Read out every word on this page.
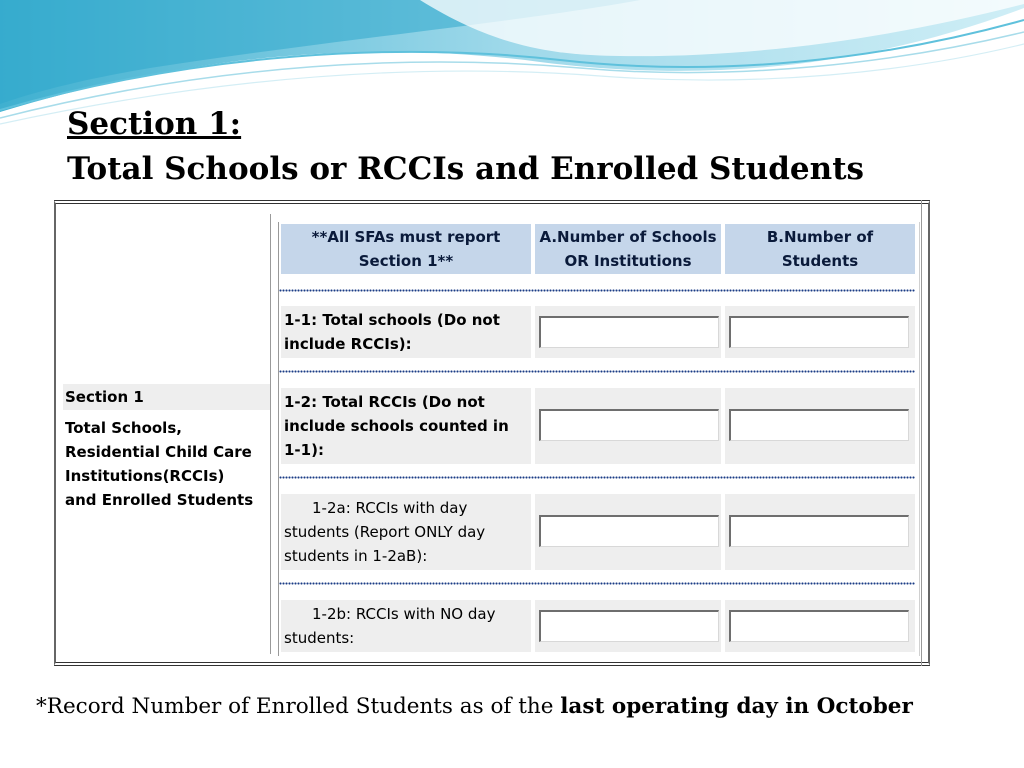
Section 1:
Total Schools or RCCIs and Enrolled Students
Section 1
Total Schools,
Residential Child Care
Institutions(RCCIs)
and Enrolled Students
**All SFAs must report
Section 1**
A.Number of Schools
OR Institutions
B.Number of
Students
1-1: Total schools (Do not
include RCCIs):
1-2: Total RCCIs (Do not
include schools counted in
1-1):
1-2a: RCCIs with day
students (Report ONLY day
students in 1-2aB):
1-2b: RCCIs with NO day
students:
*Record Number of Enrolled Students as of the last operating day in October
